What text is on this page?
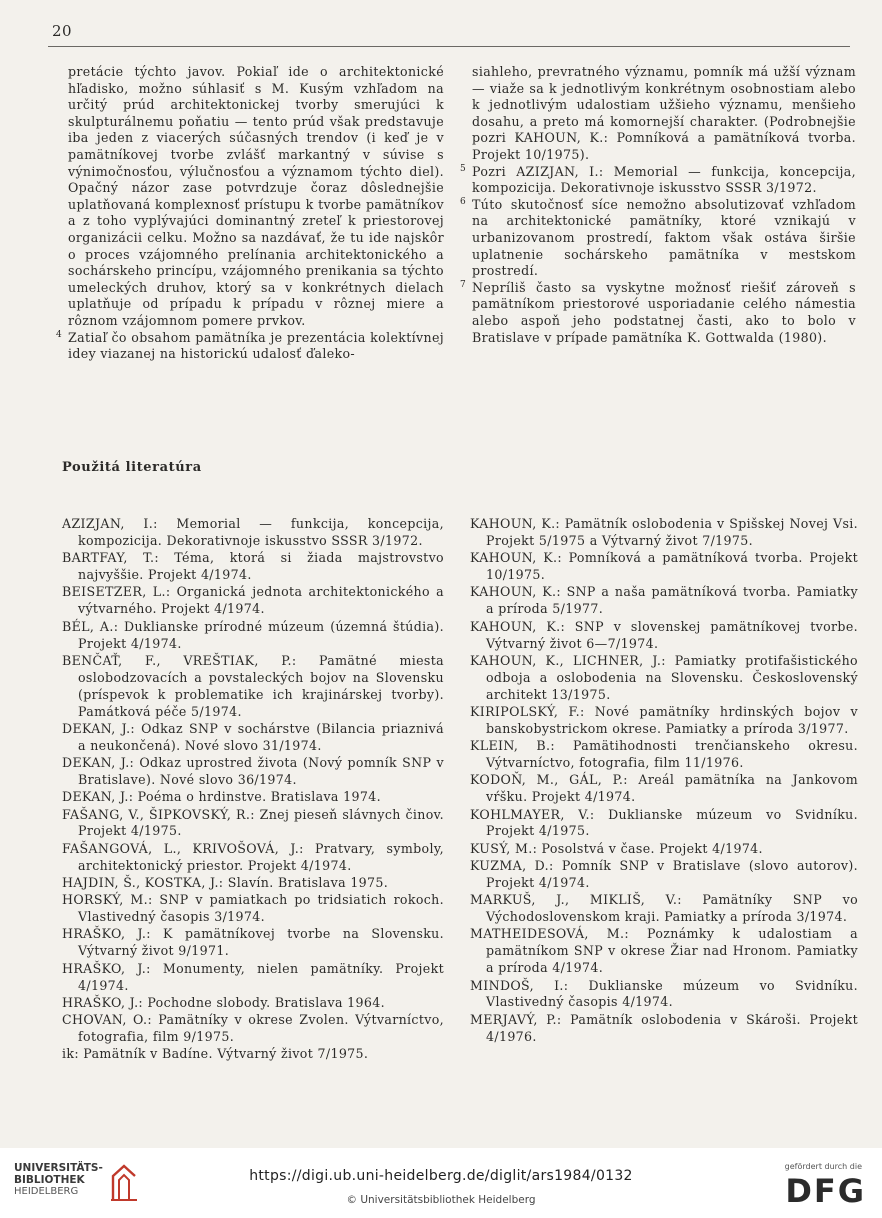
20

pretácie týchto javov. Pokiaľ ide o architektonické hľadisko, možno súhlasiť s M. Kusým vzhľadom na určitý prúd architektonickej tvorby smerujúci k skulpturálnemu poňatiu — tento prúd však predstavuje iba jeden z viacerých súčasných trendov (i keď je v pamätníkovej tvorbe zvlášť markantný v súvise s výnimočnosťou, výlučnosťou a významom týchto diel). Opačný názor zase potvrdzuje čoraz dôslednejšie uplatňovaná komplexnosť prístupu k tvorbe pamätníkov a z toho vyplývajúci dominantný zreteľ k priestorovej organizácii celku. Možno sa nazdávať, že tu ide najskôr o proces vzájomného prelínania architektonického a sochárskeho princípu, vzájomného prenikania sa týchto umeleckých druhov, ktorý sa v konkrétnych dielach uplatňuje od prípadu k prípadu v rôznej miere a rôznom vzájomnom pomere prvkov.

4 Zatiaľ čo obsahom pamätníka je prezentácia kolektívnej idey viazanej na historickú udalosť ďaleko-

siahleho, prevratného významu, pomník má užší význam — viaže sa k jednotlivým konkrétnym osobnostiam alebo k jednotlivým udalostiam užšieho významu, menšieho dosahu, a preto má komornejší charakter. (Podrobnejšie pozri KAHOUN, K.: Pomníková a pamätníková tvorba. Projekt 10/1975).

5 Pozri AZIZJAN, I.: Memorial — funkcija, koncepcija, kompozicija. Dekorativnoje iskusstvo SSSR 3/1972.

6 Túto skutočnosť síce nemožno absolutizovať vzhľadom na architektonické pamätníky, ktoré vznikajú v urbanizovanom prostredí, faktom však ostáva širšie uplatnenie sochárskeho pamätníka v mestskom prostredí.

7 Nepríliš často sa vyskytne možnosť riešiť zároveň s pamätníkom priestorové usporiadanie celého námestia alebo aspoň jeho podstatnej časti, ako to bolo v Bratislave v prípade pamätníka K. Gottwalda (1980).

Použitá literatúra

AZIZJAN, I.: Memorial — funkcija, koncepcija, kompozicija. Dekorativnoje iskusstvo SSSR 3/1972.

BARTFAY, T.: Téma, ktorá si žiada majstrovstvo najvyššie. Projekt 4/1974.

BEISETZER, L.: Organická jednota architektonického a výtvarného. Projekt 4/1974.

BÉL, A.: Duklianske prírodné múzeum (územná štúdia). Projekt 4/1974.

BENČAŤ, F., VREŠTIAK, P.: Pamätné miesta oslobodzovacích a povstaleckých bojov na Slovensku (príspevok k problematike ich krajinárskej tvorby). Památková péče 5/1974.

DEKAN, J.: Odkaz SNP v sochárstve (Bilancia priaznivá a neukončená). Nové slovo 31/1974.

DEKAN, J.: Odkaz uprostred života (Nový pomník SNP v Bratislave). Nové slovo 36/1974.

DEKAN, J.: Poéma o hrdinstve. Bratislava 1974.

FAŠANG, V., ŠIPKOVSKÝ, R.: Znej pieseň slávnych činov. Projekt 4/1975.

FAŠANGOVÁ, L., KRIVOŠOVÁ, J.: Pratvary, symboly, architektonický priestor. Projekt 4/1974.

HAJDIN, Š., KOSTKA, J.: Slavín. Bratislava 1975.

HORSKÝ, M.: SNP v pamiatkach po tridsiatich rokoch. Vlastivedný časopis 3/1974.

HRAŠKO, J.: K pamätníkovej tvorbe na Slovensku. Výtvarný život 9/1971.

HRAŠKO, J.: Monumenty, nielen pamätníky. Projekt 4/1974.

HRAŠKO, J.: Pochodne slobody. Bratislava 1964.

CHOVAN, O.: Pamätníky v okrese Zvolen. Výtvarníctvo, fotografia, film 9/1975.

ik: Pamätník v Badíne. Výtvarný život 7/1975.

KAHOUN, K.: Pamätník oslobodenia v Spišskej Novej Vsi. Projekt 5/1975 a Výtvarný život 7/1975.

KAHOUN, K.: Pomníková a pamätníková tvorba. Projekt 10/1975.

KAHOUN, K.: SNP a naša pamätníková tvorba. Pamiatky a príroda 5/1977.

KAHOUN, K.: SNP v slovenskej pamätníkovej tvorbe. Výtvarný život 6—7/1974.

KAHOUN, K., LICHNER, J.: Pamiatky protifašistického odboja a oslobodenia na Slovensku. Československý architekt 13/1975.

KIRIPOLSKÝ, F.: Nové pamätníky hrdinských bojov v banskobystrickom okrese. Pamiatky a príroda 3/1977.

KLEIN, B.: Pamätihodnosti trenčianskeho okresu. Výtvarníctvo, fotografia, film 11/1976.

KODOŇ, M., GÁL, P.: Areál pamätníka na Jankovom vŕšku. Projekt 4/1974.

KOHLMAYER, V.: Duklianske múzeum vo Svidníku. Projekt 4/1975.

KUSÝ, M.: Posolstvá v čase. Projekt 4/1974.

KUZMA, D.: Pomník SNP v Bratislave (slovo autorov). Projekt 4/1974.

MARKUŠ, J., MIKLIŠ, V.: Pamätníky SNP vo Východoslovenskom kraji. Pamiatky a príroda 3/1974.

MATHEIDESOVÁ, M.: Poznámky k udalostiam a pamätníkom SNP v okrese Žiar nad Hronom. Pamiatky a príroda 4/1974.

MINDOŠ, I.: Duklianske múzeum vo Svidníku. Vlastivedný časopis 4/1974.

MERJAVÝ, P.: Pamätník oslobodenia v Skároši. Projekt 4/1976.

UNIVERSITÄTS-
BIBLIOTHEK
HEIDELBERG
https://digi.ub.uni-heidelberg.de/diglit/ars1984/0132
© Universitätsbibliothek Heidelberg
gefördert durch die
DFG
